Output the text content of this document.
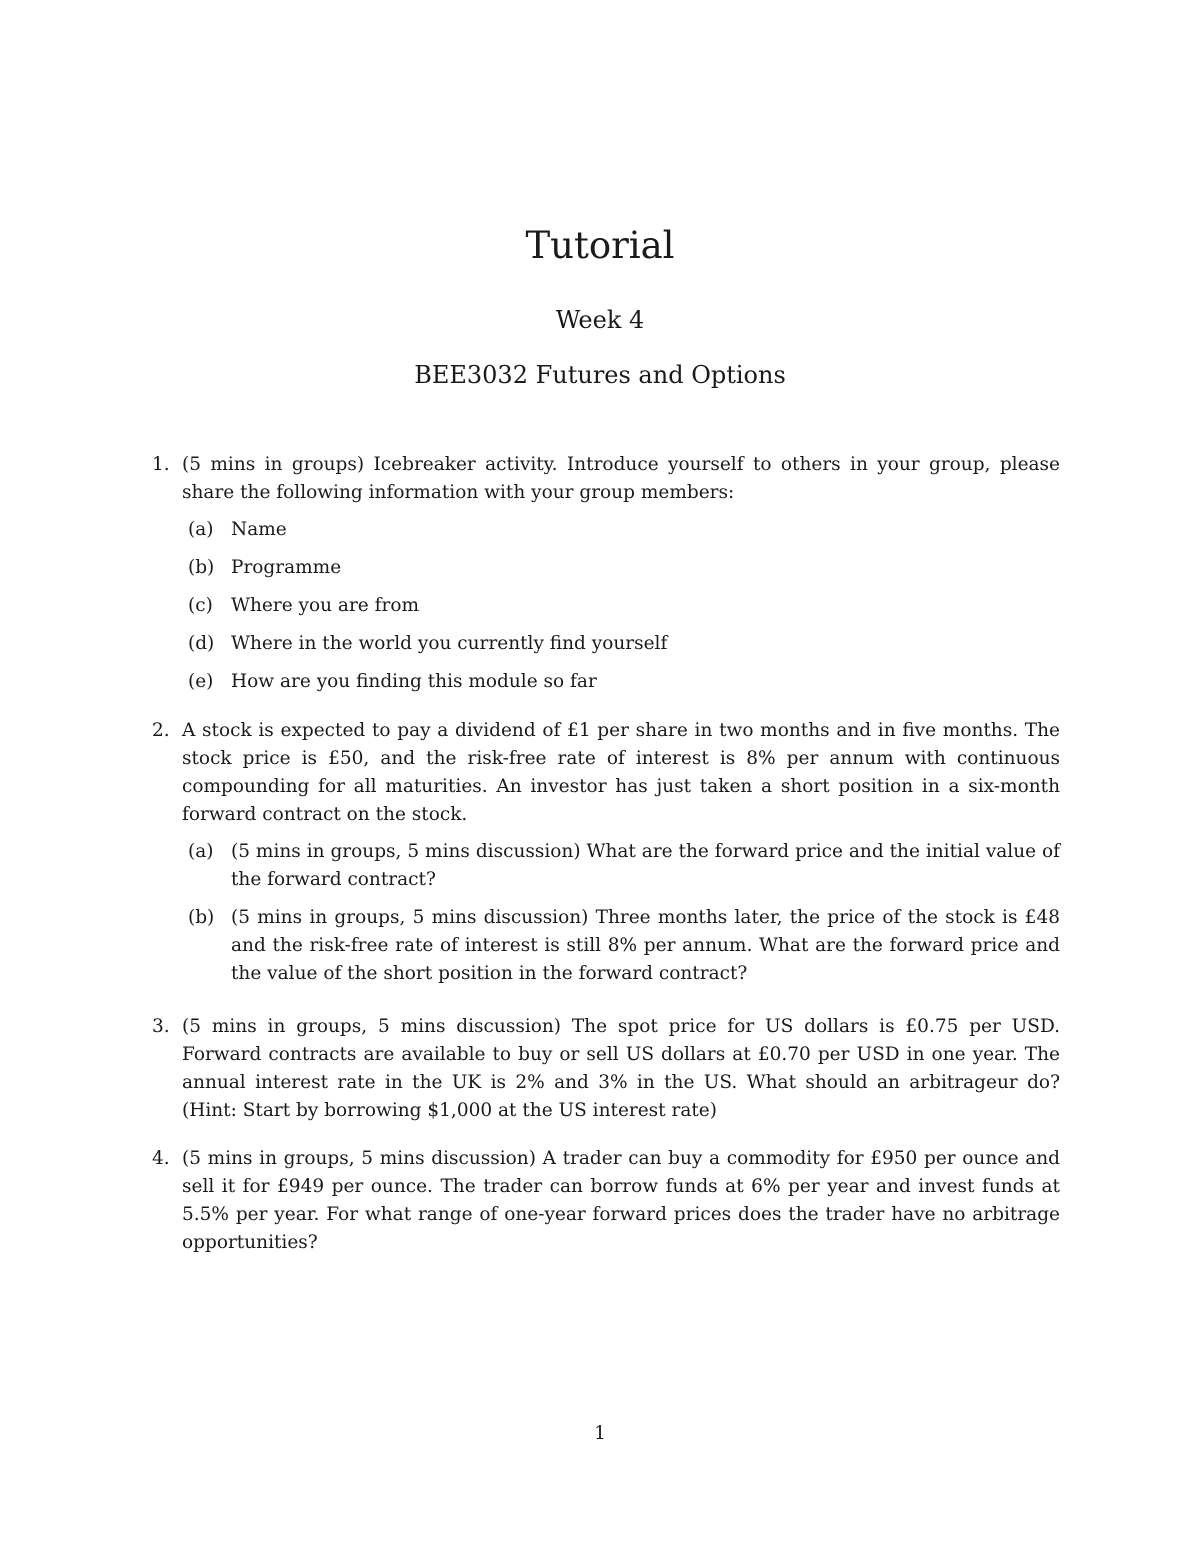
Tutorial
Week 4
BEE3032 Futures and Options
1. (5 mins in groups) Icebreaker activity. Introduce yourself to others in your group, please share the following information with your group members:
(a) Name
(b) Programme
(c) Where you are from
(d) Where in the world you currently find yourself
(e) How are you finding this module so far
2. A stock is expected to pay a dividend of £1 per share in two months and in five months. The stock price is £50, and the risk-free rate of interest is 8% per annum with continuous compounding for all maturities. An investor has just taken a short position in a six-month forward contract on the stock.
(a) (5 mins in groups, 5 mins discussion) What are the forward price and the initial value of the forward contract?
(b) (5 mins in groups, 5 mins discussion) Three months later, the price of the stock is £48 and the risk-free rate of interest is still 8% per annum. What are the forward price and the value of the short position in the forward contract?
3. (5 mins in groups, 5 mins discussion) The spot price for US dollars is £0.75 per USD. Forward contracts are available to buy or sell US dollars at £0.70 per USD in one year. The annual interest rate in the UK is 2% and 3% in the US. What should an arbitrageur do? (Hint: Start by borrowing $1,000 at the US interest rate)
4. (5 mins in groups, 5 mins discussion) A trader can buy a commodity for £950 per ounce and sell it for £949 per ounce. The trader can borrow funds at 6% per year and invest funds at 5.5% per year. For what range of one-year forward prices does the trader have no arbitrage opportunities?
1
